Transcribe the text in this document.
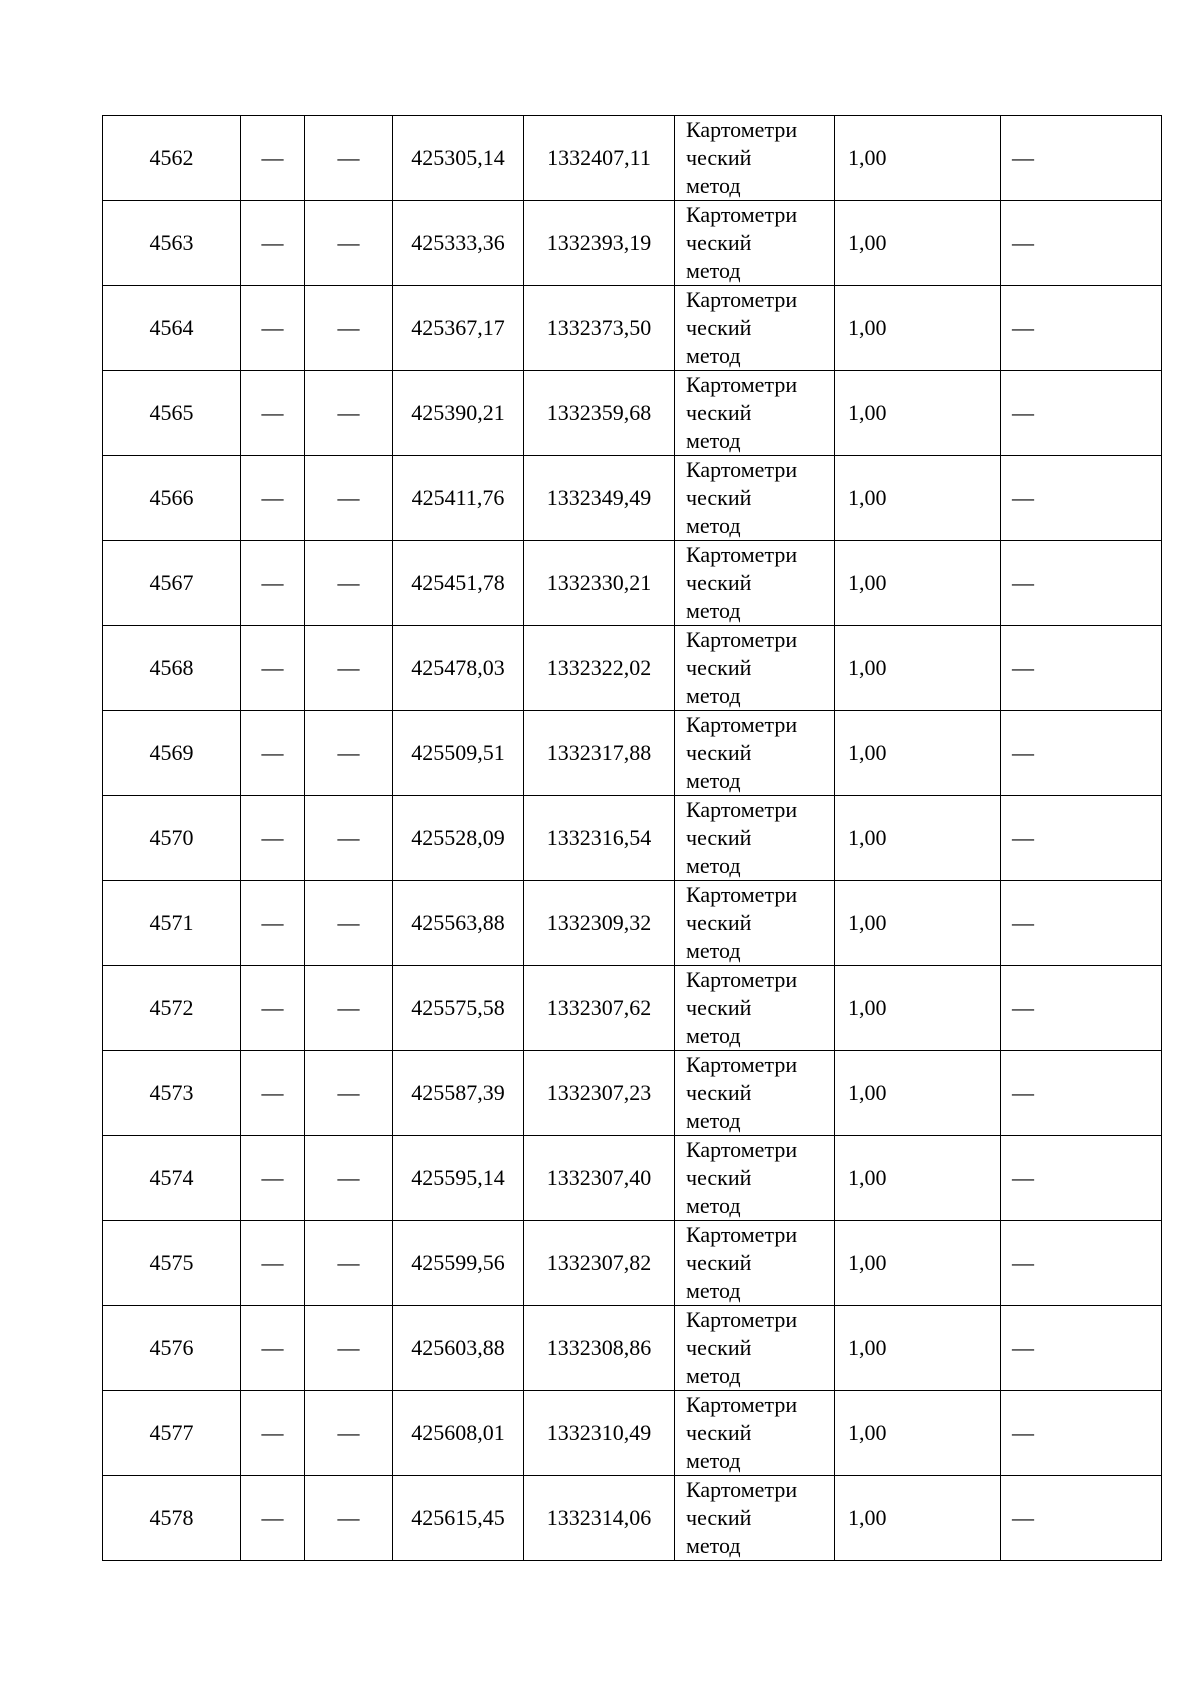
4562	—	—	425305,14	1332407,11	Картометри
ческий
метод	1,00	—
4563	—	—	425333,36	1332393,19	Картометри
ческий
метод	1,00	—
4564	—	—	425367,17	1332373,50	Картометри
ческий
метод	1,00	—
4565	—	—	425390,21	1332359,68	Картометри
ческий
метод	1,00	—
4566	—	—	425411,76	1332349,49	Картометри
ческий
метод	1,00	—
4567	—	—	425451,78	1332330,21	Картометри
ческий
метод	1,00	—
4568	—	—	425478,03	1332322,02	Картометри
ческий
метод	1,00	—
4569	—	—	425509,51	1332317,88	Картометри
ческий
метод	1,00	—
4570	—	—	425528,09	1332316,54	Картометри
ческий
метод	1,00	—
4571	—	—	425563,88	1332309,32	Картометри
ческий
метод	1,00	—
4572	—	—	425575,58	1332307,62	Картометри
ческий
метод	1,00	—
4573	—	—	425587,39	1332307,23	Картометри
ческий
метод	1,00	—
4574	—	—	425595,14	1332307,40	Картометри
ческий
метод	1,00	—
4575	—	—	425599,56	1332307,82	Картометри
ческий
метод	1,00	—
4576	—	—	425603,88	1332308,86	Картометри
ческий
метод	1,00	—
4577	—	—	425608,01	1332310,49	Картометри
ческий
метод	1,00	—
4578	—	—	425615,45	1332314,06	Картометри
ческий
метод	1,00	—
